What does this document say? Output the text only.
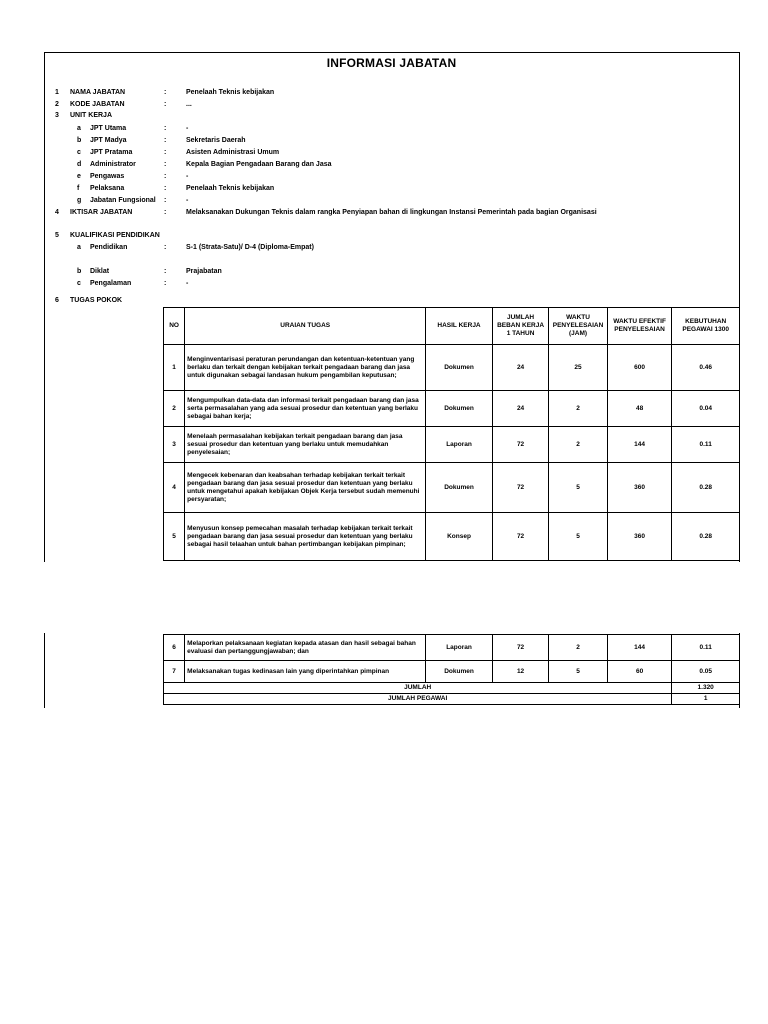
INFORMASI JABATAN
1 NAMA JABATAN	:	Penelaah Teknis kebijakan
2 KODE JABATAN	:	...
3 UNIT KERJA
a JPT Utama	:	-
b JPT Madya	:	Sekretaris Daerah
c JPT Pratama	:	Asisten Administrasi Umum
d Administrator	:	Kepala Bagian Pengadaan Barang dan Jasa
e Pengawas	:	-
f Pelaksana	:	Penelaah Teknis kebijakan
g Jabatan Fungsional :	-
4 IKTISAR JABATAN	:	Melaksanakan Dukungan Teknis dalam rangka Penyiapan bahan di lingkungan Instansi Pemerintah pada bagian Organisasi
5 KUALIFIKASI PENDIDIKAN
a Pendidikan	:	S-1 (Strata-Satu)/ D-4 (Diploma-Empat)
b Diklat	:	Prajabatan
c Pengalaman	:	-
6 TUGAS POKOK
NO	URAIAN TUGAS	HASIL KERJA	JUMLAH BEBAN KERJA 1 TAHUN	WAKTU PENYELESAIAN (JAM)	WAKTU EFEKTIF PENYELESAIAN	KEBUTUHAN PEGAWAI 1300
1	Menginventarisasi peraturan perundangan dan ketentuan-ketentuan yang berlaku dan terkait dengan kebijakan terkait pengadaan barang dan jasa untuk digunakan sebagai landasan hukum pengambilan keputusan;	Dokumen	24	25	600	0.46
2	Mengumpulkan data-data dan informasi terkait pengadaan barang dan jasa serta permasalahan yang ada sesuai prosedur dan ketentuan yang berlaku sebagai bahan kerja;	Dokumen	24	2	48	0.04
3	Menelaah permasalahan kebijakan terkait pengadaan barang dan jasa sesuai prosedur dan ketentuan yang berlaku untuk memudahkan penyelesaian;	Laporan	72	2	144	0.11
4	Mengecek kebenaran dan keabsahan terhadap kebijakan terkait terkait pengadaan barang dan jasa sesuai prosedur dan ketentuan yang berlaku untuk mengetahui apakah kebijakan Objek Kerja tersebut sudah memenuhi persyaratan;	Dokumen	72	5	360	0.28
5	Menyusun konsep pemecahan masalah terhadap kebijakan terkait terkait pengadaan barang dan jasa sesuai prosedur dan ketentuan yang berlaku sebagai hasil telaahan untuk bahan pertimbangan kebijakan pimpinan;	Konsep	72	5	360	0.28
6	Melaporkan pelaksanaan kegiatan kepada atasan dan hasil sebagai bahan evaluasi dan pertanggungjawaban; dan	Laporan	72	2	144	0.11
7	Melaksanakan tugas kedinasan lain yang diperintahkan pimpinan	Dokumen	12	5	60	0.05
JUMLAH						1.320
JUMLAH PEGAWAI						1
